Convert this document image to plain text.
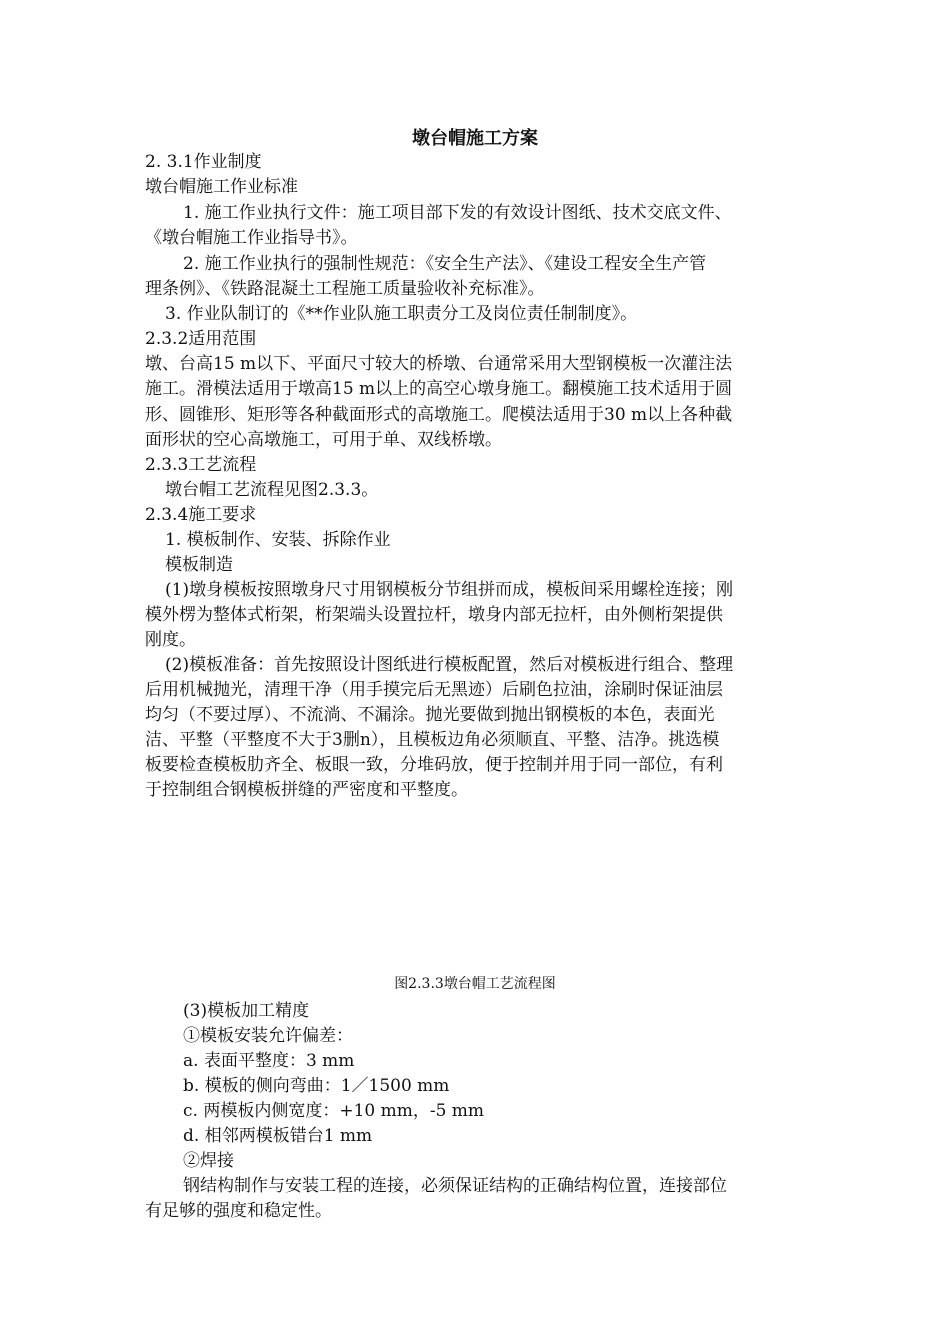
墩台帽施工方案
2. 3.1作业制度
墩台帽施工作业标准
1. 施工作业执行文件：施工项目部下发的有效设计图纸、技术交底文件、
《墩台帽施工作业指导书》。
2. 施工作业执行的强制性规范：《安全生产法》、《建设工程安全生产管
理条例》、《铁路混凝土工程施工质量验收补充标准》。
3. 作业队制订的《**作业队施工职责分工及岗位责任制制度》。
2.3.2适用范围
墩、台高15 m以下、平面尺寸较大的桥墩、台通常采用大型钢模板一次灌注法
施工。滑模法适用于墩高15 m以上的高空心墩身施工。翻模施工技术适用于圆
形、圆锥形、矩形等各种截面形式的高墩施工。爬模法适用于30 m以上各种截
面形状的空心高墩施工，可用于单、双线桥墩。
2.3.3工艺流程
墩台帽工艺流程见图2.3.3。
2.3.4施工要求
1. 模板制作、安装、拆除作业
模板制造
(1)墩身模板按照墩身尺寸用钢模板分节组拼而成，模板间采用螺栓连接；刚
模外楞为整体式桁架，桁架端头设置拉杆，墩身内部无拉杆，由外侧桁架提供
刚度。
(2)模板准备：首先按照设计图纸进行模板配置，然后对模板进行组合、整理
后用机械抛光，清理干净（用手摸完后无黑迹）后刷色拉油，涂刷时保证油层
均匀（不要过厚）、不流淌、不漏涂。抛光要做到抛出钢模板的本色，表面光
洁、平整（平整度不大于3删n），且模板边角必须顺直、平整、洁净。挑选模
板要检查模板肋齐全、板眼一致，分堆码放，便于控制并用于同一部位，有利
于控制组合钢模板拼缝的严密度和平整度。
图2.3.3墩台帽工艺流程图
(3)模板加工精度
①模板安装允许偏差：
a. 表面平整度：3 mm
b. 模板的侧向弯曲：1／1500 mm
c. 两模板内侧宽度：+10 mm，-5 mm
d. 相邻两模板错台1 mm
②焊接
钢结构制作与安装工程的连接，必须保证结构的正确结构位置，连接部位
有足够的强度和稳定性。
